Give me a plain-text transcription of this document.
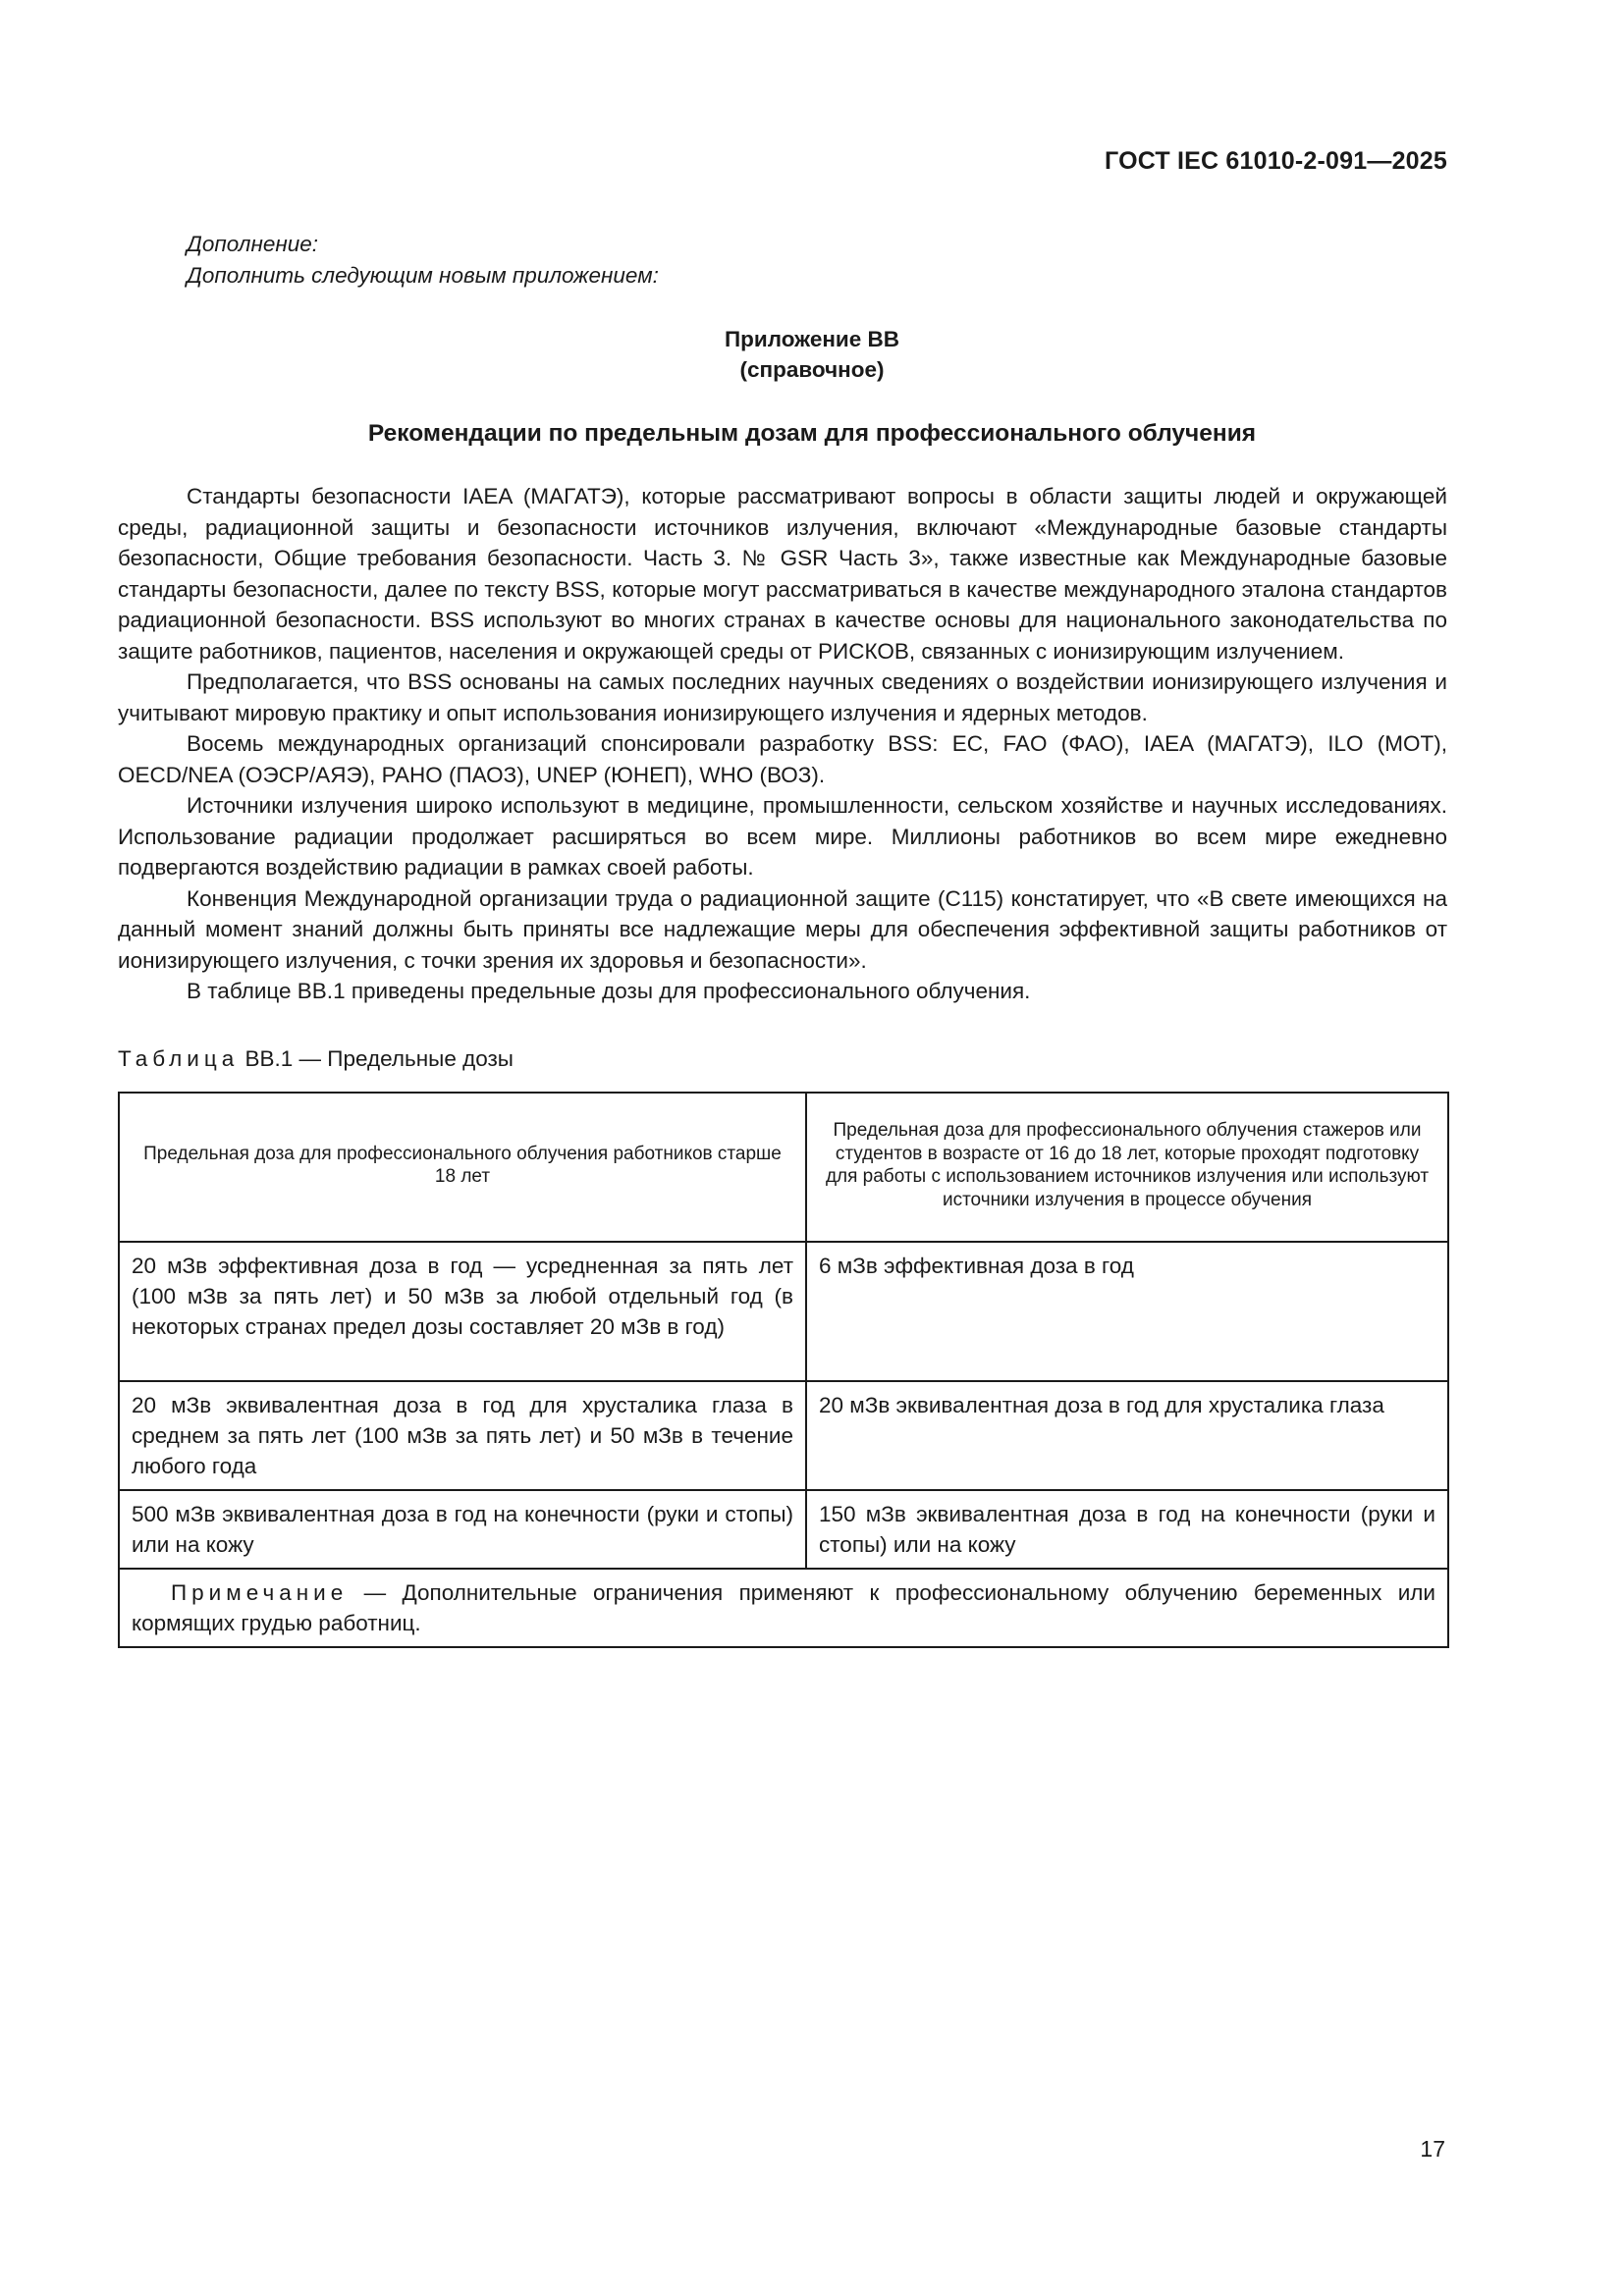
ГОСТ IEC 61010-2-091—2025
Дополнение:
Дополнить следующим новым приложением:
Приложение ВВ
(справочное)
Рекомендации по предельным дозам для профессионального облучения

Стандарты безопасности IAEA (МАГАТЭ), которые рассматривают вопросы в области защиты людей и окружающей среды, радиационной защиты и безопасности источников излучения, включают «Международные базовые стандарты безопасности, Общие требования безопасности. Часть 3. № GSR Часть 3», также известные как Международные базовые стандарты безопасности, далее по тексту BSS, которые могут рассматриваться в качестве международного эталона стандартов радиационной безопасности. BSS используют во многих странах в качестве основы для национального законодательства по защите работников, пациентов, населения и окружающей среды от РИСКОВ, связанных с ионизирующим излучением.

Предполагается, что BSS основаны на самых последних научных сведениях о воздействии ионизирующего излучения и учитывают мировую практику и опыт использования ионизирующего излучения и ядерных методов.

Восемь международных организаций спонсировали разработку BSS: ЕС, FAO (ФАО), IAEA (МАГАТЭ), ILO (МОТ), OECD/NEA (ОЭСР/АЯЭ), PAHO (ПАОЗ), UNEP (ЮНЕП), WHO (ВОЗ).

Источники излучения широко используют в медицине, промышленности, сельском хозяйстве и научных исследованиях. Использование радиации продолжает расширяться во всем мире. Миллионы работников во всем мире ежедневно подвергаются воздействию радиации в рамках своей работы.

Конвенция Международной организации труда о радиационной защите (С115) констатирует, что «В свете имеющихся на данный момент знаний должны быть приняты все надлежащие меры для обеспечения эффективной защиты работников от ионизирующего излучения, с точки зрения их здоровья и безопасности».

В таблице ВВ.1 приведены предельные дозы для профессионального облучения.

Таблица ВВ.1 — Предельные дозы
Предельная доза для профессионального облучения работников старше 18 лет	Предельная доза для профессионального облучения стажеров или студентов в возрасте от 16 до 18 лет, которые проходят подготовку для работы с использованием источников излучения или используют источники излучения в процессе обучения

20 мЗв эффективная доза в год — усредненная за пять лет (100 мЗв за пять лет) и 50 мЗв за любой отдельный год (в некоторых странах предел дозы составляет 20 мЗв в год)	6 мЗв эффективная доза в год
20 мЗв эквивалентная доза в год для хрусталика глаза в среднем за пять лет (100 мЗв за пять лет) и 50 мЗв в течение любого года	20 мЗв эквивалентная доза в год для хрусталика глаза
500 мЗв эквивалентная доза в год на конечности (руки и стопы) или на кожу	150 мЗв эквивалентная доза в год на конечности (руки и стопы) или на кожу
Примечание — Дополнительные ограничения применяют к профессиональному облучению беременных или кормящих грудью работниц.	
17
